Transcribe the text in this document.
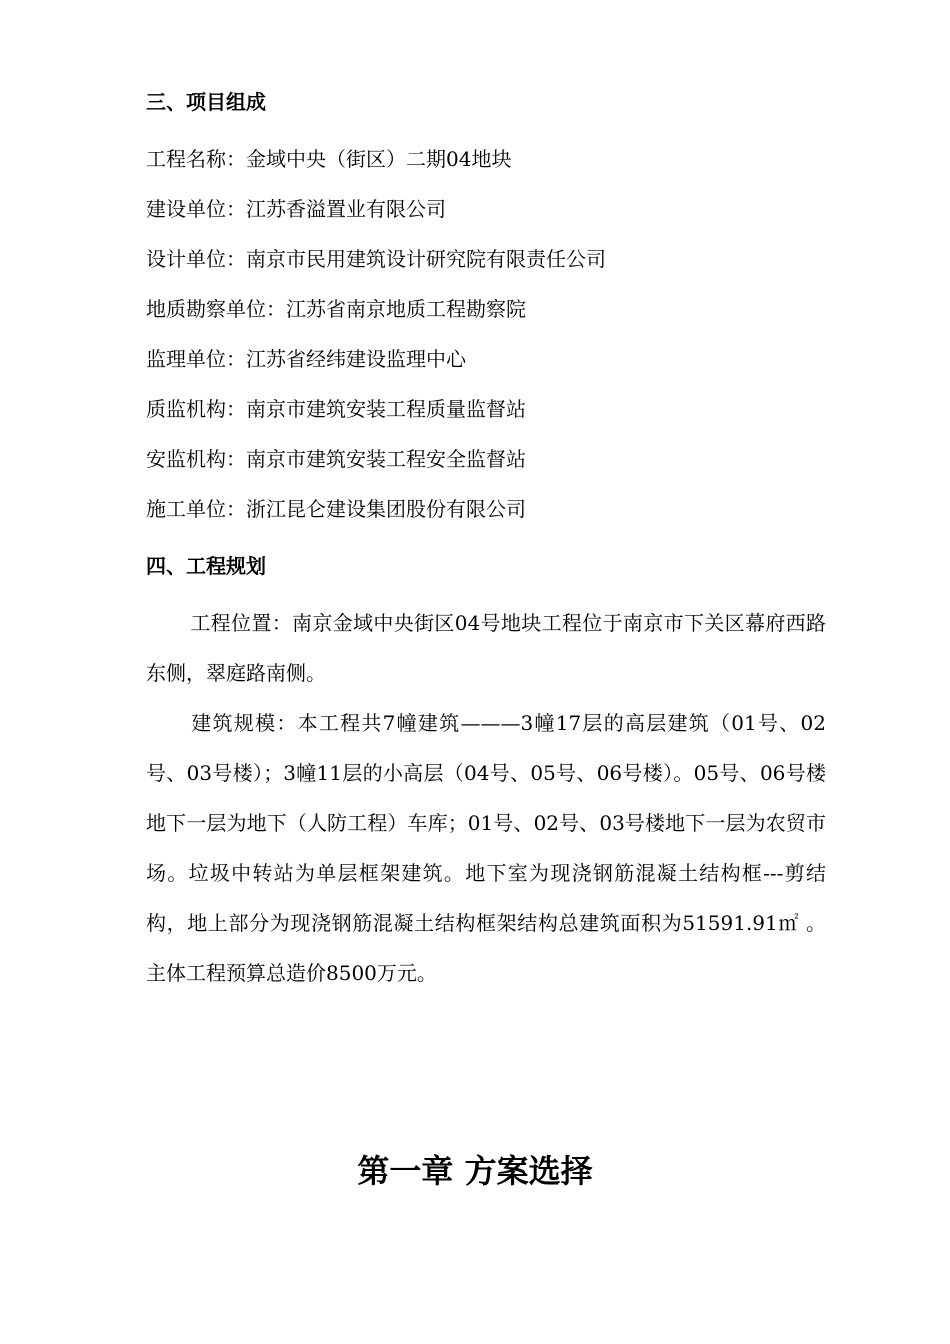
三、项目组成
工程名称：金域中央（街区）二期04地块
建设单位：江苏香溢置业有限公司
设计单位：南京市民用建筑设计研究院有限责任公司
地质勘察单位：江苏省南京地质工程勘察院
监理单位：江苏省经纬建设监理中心
质监机构：南京市建筑安装工程质量监督站
安监机构：南京市建筑安装工程安全监督站
施工单位：浙江昆仑建设集团股份有限公司
四、工程规划
工程位置：南京金域中央街区04号地块工程位于南京市下关区幕府西路东侧，翠庭路南侧。
建筑规模：本工程共7幢建筑———3幢17层的高层建筑（01号、02号、03号楼）；3幢11层的小高层（04号、05号、06号楼）。05号、06号楼地下一层为地下（人防工程）车库；01号、02号、03号楼地下一层为农贸市场。垃圾中转站为单层框架建筑。地下室为现浇钢筋混凝土结构框---剪结构，地上部分为现浇钢筋混凝土结构框架结构总建筑面积为51591.91㎡ 。主体工程预算总造价8500万元。
第一章 方案选择
